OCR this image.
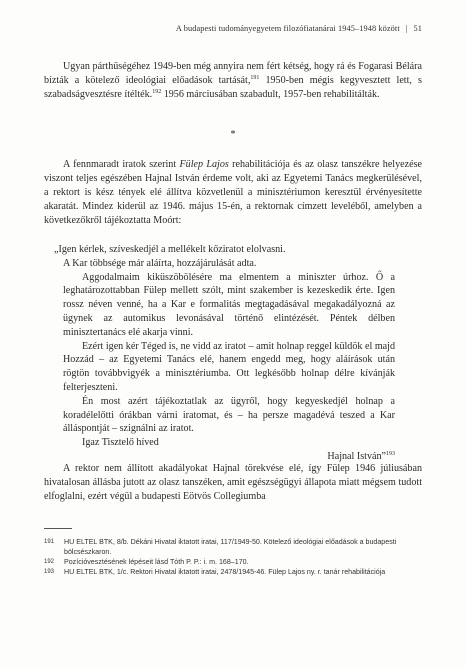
A budapesti tudományegyetem filozófiatanárai 1945–1948 között | 51

Ugyan párthűségéhez 1949-ben még annyira nem fért kétség, hogy rá és Fogarasi Bélára bízták a kötelező ideológiai előadások tartását,$^{191}$ 1950-ben mégis kegyvesztett lett, s szabadságvesztésre ítélték.$^{192}$ 1956 márciusában szabadult, 1957-ben rehabilitálták.

*

A fennmaradt iratok szerint Fülep Lajos rehabilitációja és az olasz tanszékre helyezése viszont teljes egészében Hajnal István érdeme volt, aki az Egyetemi Tanács megkerülésével, a rektort is kész tények elé állítva közvetlenül a minisztériumon keresztül érvényesítette akaratát. Mindez kiderül az 1946. május 15-én, a rektornak címzett leveléből, amelyben a következőkről tájékoztatta Moórt:

„Igen kérlek, szíveskedjél a mellékelt kőziratot elolvasni.

A Kar többsége már aláírta, hozzájárulását adta.

Aggodalmaim kiküszöbölésére ma elmentem a miniszter úrhoz. Ő a leghatározottabban Fülep mellett szólt, mint szakember is kezeskedik érte. Igen rossz néven venné, ha a Kar e formalitás megtagadásával megakadályozná az ügynek az automikus levonásával történő elintézését. Péntek délben minisztertanács elé akarja vinni.

Ezért igen kér Téged is, ne vidd az iratot – amit holnap reggel küldök el majd Hozzád – az Egyetemi Tanács elé, hanem engedd meg, hogy aláírások után rögtön továbbvigyék a minisztériumba. Ott legkésőbb holnap délre kívánják felterjeszteni.

Én most azért tájékoztatlak az ügyről, hogy kegyeskedjél holnap a koradélelőtti órákban várni iratomat, és – ha persze magadévá teszed a Kar álláspontját – szignálni az iratot.

Igaz Tisztelő híved

Hajnal István”$^{193}$

A rektor nem állított akadályokat Hajnal törekvése elé, így Fülep 1946 júliusában hivatalosan állásba jutott az olasz tanszéken, amit egészségügyi állapota miatt mégsem tudott elfoglalni, ezért végül a budapesti Eötvös Collegiumba

191	HU ELTEL BTK, 8/b. Dékáni Hivatal iktatott iratai, 117/1949-50. Kötelező ideológiai előadások a budapesti bölcsészkaron.
192	Pozícióvesztésének lépéseit lásd Tóth P. P.: i. m. 168–170.
193	HU ELTEL BTK, 1/c. Rektori Hivatal iktatott iratai, 2478/1945-46. Fülep Lajos ny. r. tanár rehabilitációja
